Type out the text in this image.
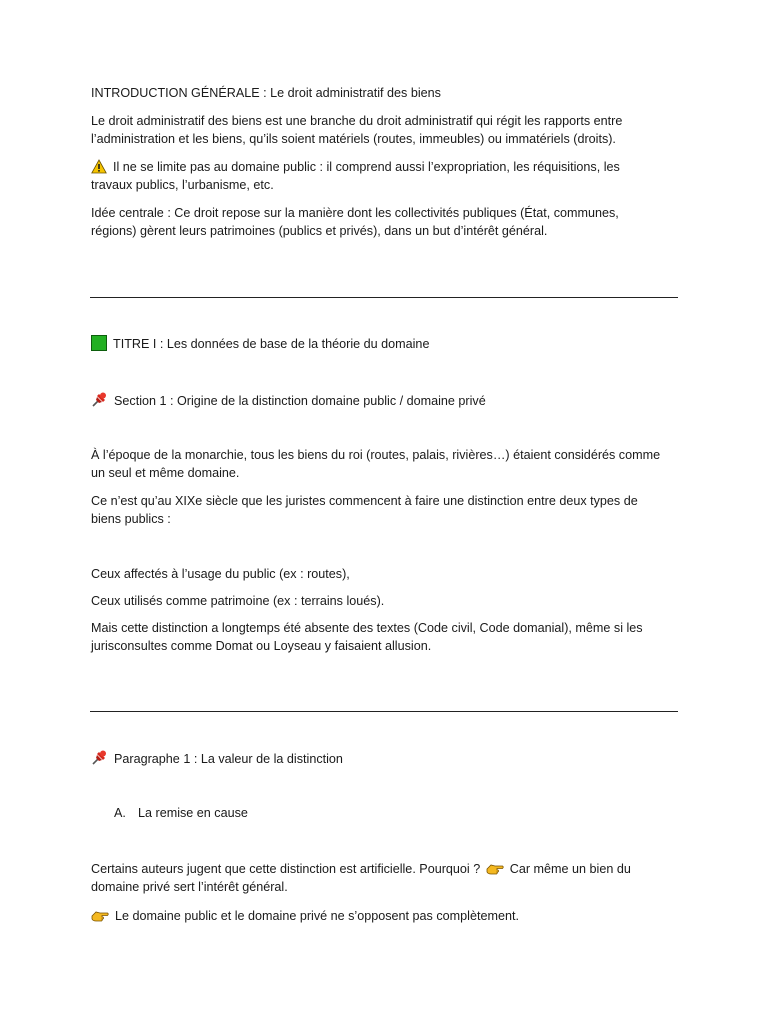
INTRODUCTION GÉNÉRALE : Le droit administratif des biens
Le droit administratif des biens est une branche du droit administratif qui régit les rapports entre
l’administration et les biens, qu’ils soient matériels (routes, immeubles) ou immatériels (droits).
Il ne se limite pas au domaine public : il comprend aussi l’expropriation, les réquisitions, les
travaux publics, l’urbanisme, etc.
Idée centrale : Ce droit repose sur la manière dont les collectivités publiques (État, communes,
régions) gèrent leurs patrimoines (publics et privés), dans un but d’intérêt général.
TITRE I : Les données de base de la théorie du domaine
Section 1 : Origine de la distinction domaine public / domaine privé
À l’époque de la monarchie, tous les biens du roi (routes, palais, rivières…) étaient considérés comme
un seul et même domaine.
Ce n’est qu’au XIXe siècle que les juristes commencent à faire une distinction entre deux types de
biens publics :
Ceux affectés à l’usage du public (ex : routes),
Ceux utilisés comme patrimoine (ex : terrains loués).
Mais cette distinction a longtemps été absente des textes (Code civil, Code domanial), même si les
jurisconsultes comme Domat ou Loyseau y faisaient allusion.
Paragraphe 1 : La valeur de la distinction
A. La remise en cause
Certains auteurs jugent que cette distinction est artificielle. Pourquoi ? Car même un bien du
domaine privé sert l’intérêt général.
Le domaine public et le domaine privé ne s’opposent pas complètement.
